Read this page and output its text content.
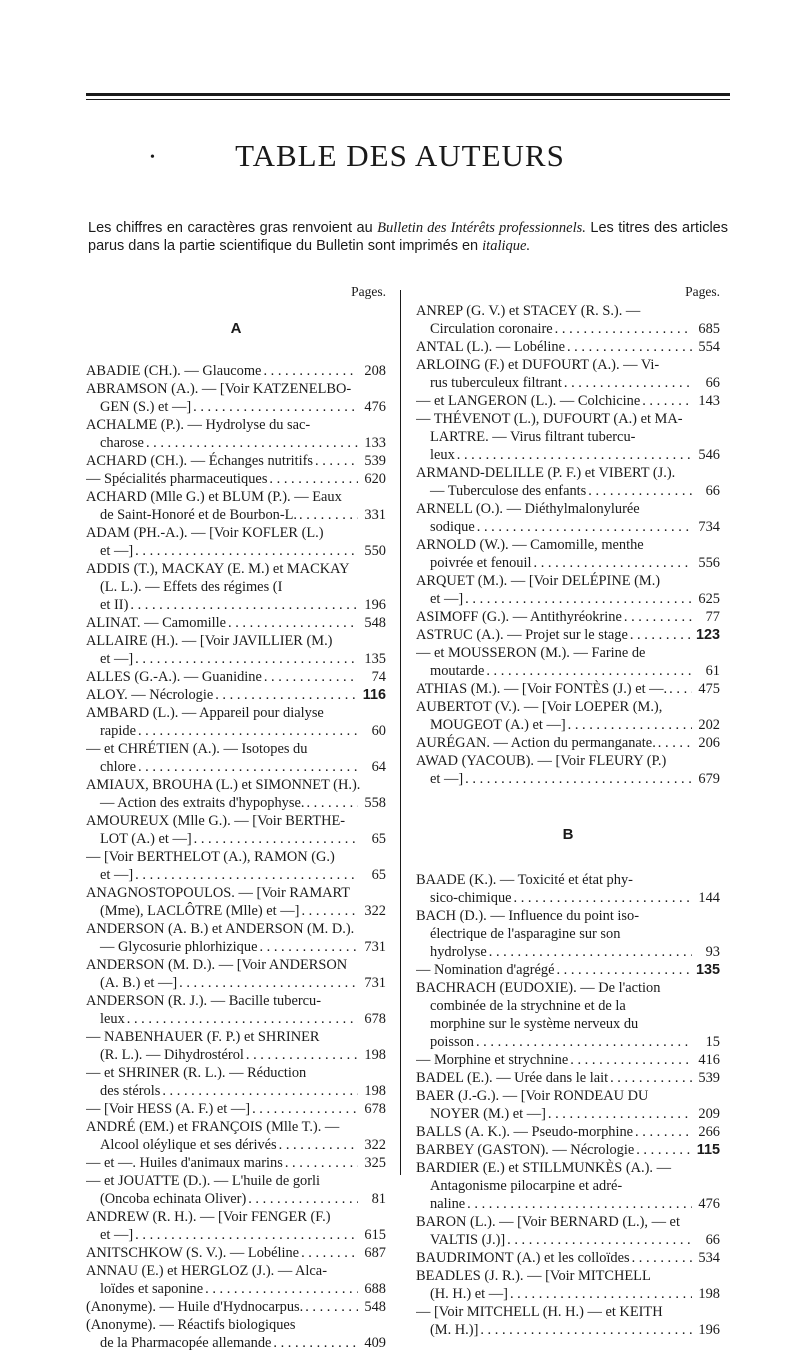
•	TABLE DES AUTEURS
Les chiffres en caractères gras renvoient au Bulletin des Intérêts professionnels. Les titres des articles parus dans la partie scientifique du Bulletin sont imprimés en italique.
Pages.
A
ABADIE (CH.). — Glaucome . . .	208
ABRAMSON (A.). — [Voir KATZENELBO-
GEN (S.) et —] . . .	476
ACHALME (P.). — Hydrolyse du sac-
charose . . .	133
ACHARD (CH.). — Échanges nutritifs . . .	539
— Spécialités pharmaceutiques . . .	620
ACHARD (Mlle G.) et BLUM (P.). — Eaux
de Saint-Honoré et de Bourbon-L. . . .	331
ADAM (PH.-A.). — [Voir KOFLER (L.)
et —] . . .	550
ADDIS (T.), MACKAY (E. M.) et MACKAY
(L. L.). — Effets des régimes (I
et II) . . .	196
ALINAT. — Camomille . . .	548
ALLAIRE (H.). — [Voir JAVILLIER (M.)
et —] . . .	135
ALLES (G.-A.). — Guanidine . . .	74
ALOY. — Nécrologie . . .	116
AMBARD (L.). — Appareil pour dialyse
rapide . . .	60
— et CHRÉTIEN (A.). — Isotopes du
chlore . . .	64
AMIAUX, BROUHA (L.) et SIMONNET (H.).
— Action des extraits d'hypophyse. . . .	558
AMOUREUX (Mlle G.). — [Voir BERTHE-
LOT (A.) et —] . . .	65
— [Voir BERTHELOT (A.), RAMON (G.)
et —] . . .	65
ANAGNOSTOPOULOS. — [Voir RAMART
(Mme), LACLÔTRE (Mlle) et —] . . .	322
ANDERSON (A. B.) et ANDERSON (M. D.).
— Glycosurie phlorhizique . . .	731
ANDERSON (M. D.). — [Voir ANDERSON
(A. B.) et —] . . .	731
ANDERSON (R. J.). — Bacille tubercu-
leux . . .	678
— NABENHAUER (F. P.) et SHRINER
(R. L.). — Dihydrostérol . . .	198
— et SHRINER (R. L.). — Réduction
des stérols . . .	198
— [Voir HESS (A. F.) et —] . . .	678
ANDRÉ (EM.) et FRANÇOIS (Mlle T.). —
Alcool oléylique et ses dérivés . . .	322
— et —. Huiles d'animaux marins . . .	325
— et JOUATTE (D.). — L'huile de gorli
(Oncoba echinata Oliver) . . .	81
ANDREW (R. H.). — [Voir FENGER (F.)
et —] . . .	615
ANITSCHKOW (S. V.). — Lobéline . . .	687
ANNAU (E.) et HERGLOZ (J.). — Alca-
loïdes et saponine . . .	688
(Anonyme). — Huile d'Hydnocarpus. . . .	548
(Anonyme). — Réactifs biologiques
de la Pharmacopée allemande . . .	409
Pages.
ANREP (G. V.) et STACEY (R. S.). —
Circulation coronaire . . .	685
ANTAL (L.). — Lobéline . . .	554
ARLOING (F.) et DUFOURT (A.). — Vi-
rus tuberculeux filtrant . . .	66
— et LANGERON (L.). — Colchicine . . .	143
— THÉVENOT (L.), DUFOURT (A.) et MA-
LARTRE. — Virus filtrant tubercu-
leux . . .	546
ARMAND-DELILLE (P. F.) et VIBERT (J.).
— Tuberculose des enfants . . .	66
ARNELL (O.). — Diéthylmalonylurée
sodique . . .	734
ARNOLD (W.). — Camomille, menthe
poivrée et fenouil . . .	556
ARQUET (M.). — [Voir DELÉPINE (M.)
et —] . . .	625
ASIMOFF (G.). — Antithyréokrine . . .	77
ASTRUC (A.). — Projet sur le stage . . .	123
— et MOUSSERON (M.). — Farine de
moutarde . . .	61
ATHIAS (M.). — [Voir FONTÈS (J.) et —. . . .	475
AUBERTOT (V.). — [Voir LOEPER (M.),
MOUGEOT (A.) et —] . . .	202
AURÉGAN. — Action du permanganate. . . .	206
AWAD (YACOUB). — [Voir FLEURY (P.)
et —] . . .	679
B
BAADE (K.). — Toxicité et état phy-
sico-chimique . . .	144
BACH (D.). — Influence du point iso-
électrique de l'asparagine sur son
hydrolyse . . .	93
— Nomination d'agrégé . . .	135
BACHRACH (EUDOXIE). — De l'action
combinée de la strychnine et de la
morphine sur le système nerveux du
poisson . . .	15
— Morphine et strychnine . . .	416
BADEL (E.). — Urée dans le lait . . .	539
BAER (J.-G.). — [Voir RONDEAU DU
NOYER (M.) et —] . . .	209
BALLS (A. K.). — Pseudo-morphine . . .	266
BARBEY (GASTON). — Nécrologie . . .	115
BARDIER (E.) et STILLMUNKÈS (A.). —
Antagonisme pilocarpine et adré-
naline . . .	476
BARON (L.). — [Voir BERNARD (L.), — et
VALTIS (J.)] . . .	66
BAUDRIMONT (A.) et les colloïdes . . .	534
BEADLES (J. R.). — [Voir MITCHELL
(H. H.) et —] . . .	198
— [Voir MITCHELL (H. H.) — et KEITH
(M. H.)] . . .	196
